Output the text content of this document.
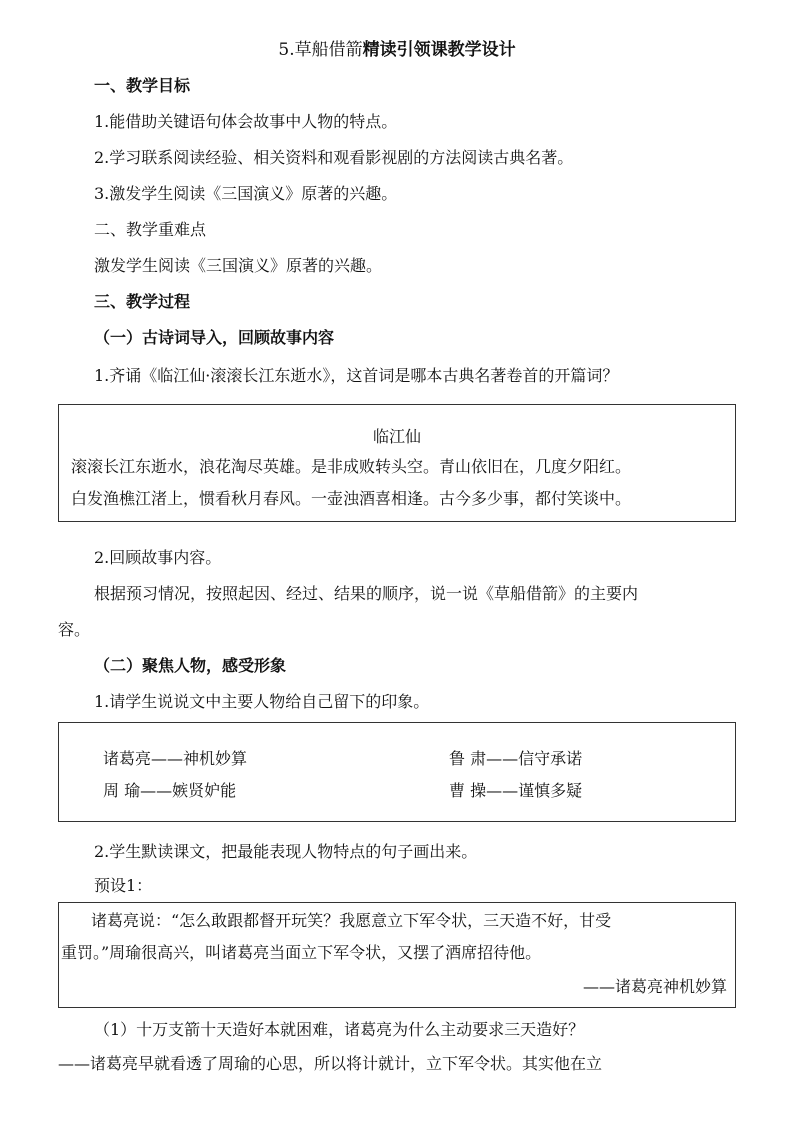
5.草船借箭精读引领课教学设计
一、教学目标
1.能借助关键语句体会故事中人物的特点。
2.学习联系阅读经验、相关资料和观看影视剧的方法阅读古典名著。
3.激发学生阅读《三国演义》原著的兴趣。
二、教学重难点
激发学生阅读《三国演义》原著的兴趣。
三、教学过程
（一）古诗词导入，回顾故事内容
1.齐诵《临江仙·滚滚长江东逝水》，这首词是哪本古典名著卷首的开篇词？
临江仙
滚滚长江东逝水，浪花淘尽英雄。是非成败转头空。青山依旧在，几度夕阳红。
白发渔樵江渚上，惯看秋月春风。一壶浊酒喜相逢。古今多少事，都付笑谈中。
2.回顾故事内容。
根据预习情况，按照起因、经过、结果的顺序，说一说《草船借箭》的主要内
容。
（二）聚焦人物，感受形象
1.请学生说说文中主要人物给自己留下的印象。
诸葛亮——神机妙算	鲁 肃——信守承诺
周 瑜——嫉贤妒能	曹 操——谨慎多疑
2.学生默读课文，把最能表现人物特点的句子画出来。
预设1：
诸葛亮说：“怎么敢跟都督开玩笑？我愿意立下军令状，三天造不好，甘受
重罚。”周瑜很高兴，叫诸葛亮当面立下军令状，又摆了酒席招待他。
——诸葛亮神机妙算
（1）十万支箭十天造好本就困难，诸葛亮为什么主动要求三天造好？
——诸葛亮早就看透了周瑜的心思，所以将计就计，立下军令状。其实他在立
